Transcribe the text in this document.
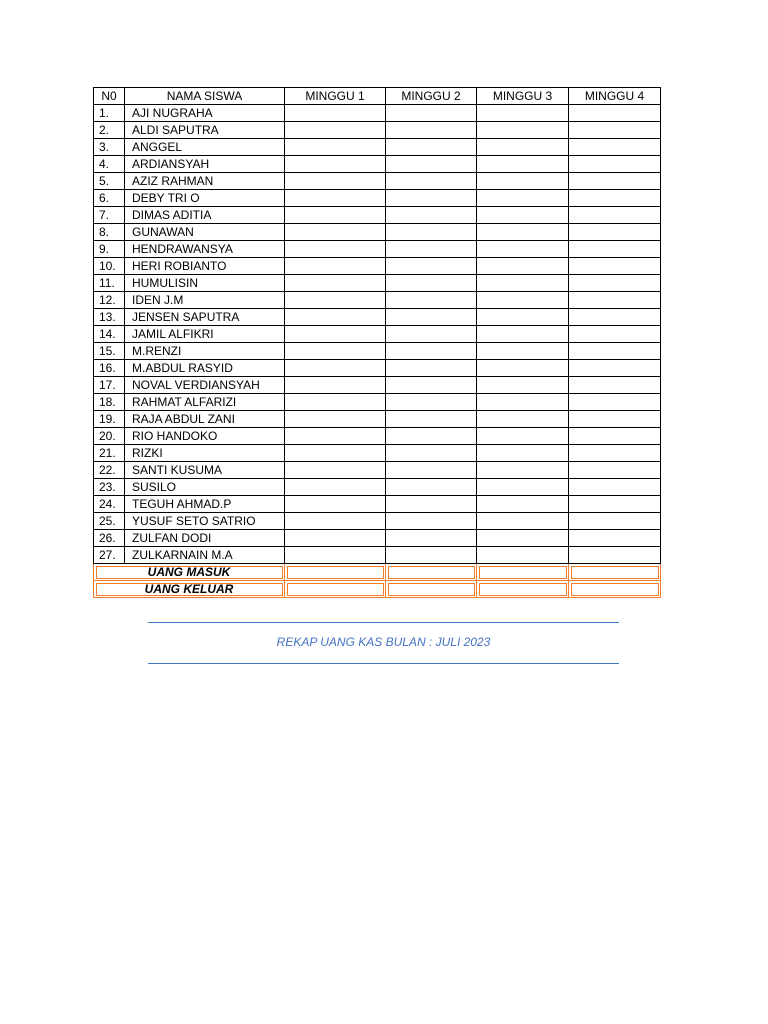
N0	NAMA SISWA	MINGGU 1	MINGGU 2	MINGGU 3	MINGGU 4
1.	AJI NUGRAHA				
2.	ALDI SAPUTRA				
3.	ANGGEL				
4.	ARDIANSYAH				
5.	AZIZ RAHMAN				
6.	DEBY TRI O				
7.	DIMAS ADITIA				
8.	GUNAWAN				
9.	HENDRAWANSYA				
10.	HERI ROBIANTO				
11.	HUMULISIN				
12.	IDEN J.M				
13.	JENSEN SAPUTRA				
14.	JAMIL ALFIKRI				
15.	M.RENZI				
16.	M.ABDUL RASYID				
17.	NOVAL VERDIANSYAH				
18.	RAHMAT ALFARIZI				
19.	RAJA ABDUL ZANI				
20.	RIO HANDOKO				
21.	RIZKI				
22.	SANTI KUSUMA				
23.	SUSILO				
24.	TEGUH AHMAD.P				
25.	YUSUF SETO SATRIO				
26.	ZULFAN DODI				
27.	ZULKARNAIN M.A				
UANG MASUK					
UANG KELUAR					
REKAP UANG KAS BULAN : JULI 2023
